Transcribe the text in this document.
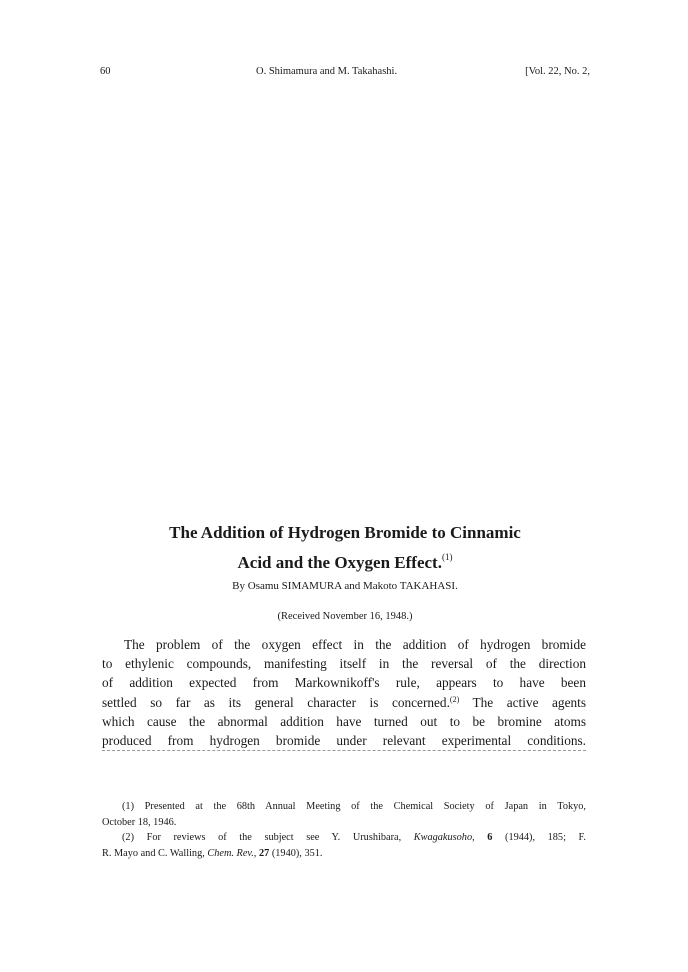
60	O. Shimamura and M. Takahashi.	[Vol. 22, No. 2,
The Addition of Hydrogen Bromide to Cinnamic
Acid and the Oxygen Effect.$^{(1)}$
By Osamu SIMAMURA and Makoto TAKAHASI.
(Received November 16, 1948.)
The problem of the oxygen effect in the addition of hydrogen bromide
to ethylenic compounds, manifesting itself in the reversal of the direction
of addition expected from Markownikoff's rule, appears to have been
settled so far as its general character is concerned.$^{(2)}$ The active agents
which cause the abnormal addition have turned out to be bromine atoms
produced from hydrogen bromide under relevant experimental conditions.
(1) Presented at the 68th Annual Meeting of the Chemical Society of Japan in Tokyo,
October 18, 1946.
(2) For reviews of the subject see Y. Urushibara, Kwagakusoho, 6 (1944), 185; F.
R. Mayo and C. Walling, Chem. Rev., 27 (1940), 351.
